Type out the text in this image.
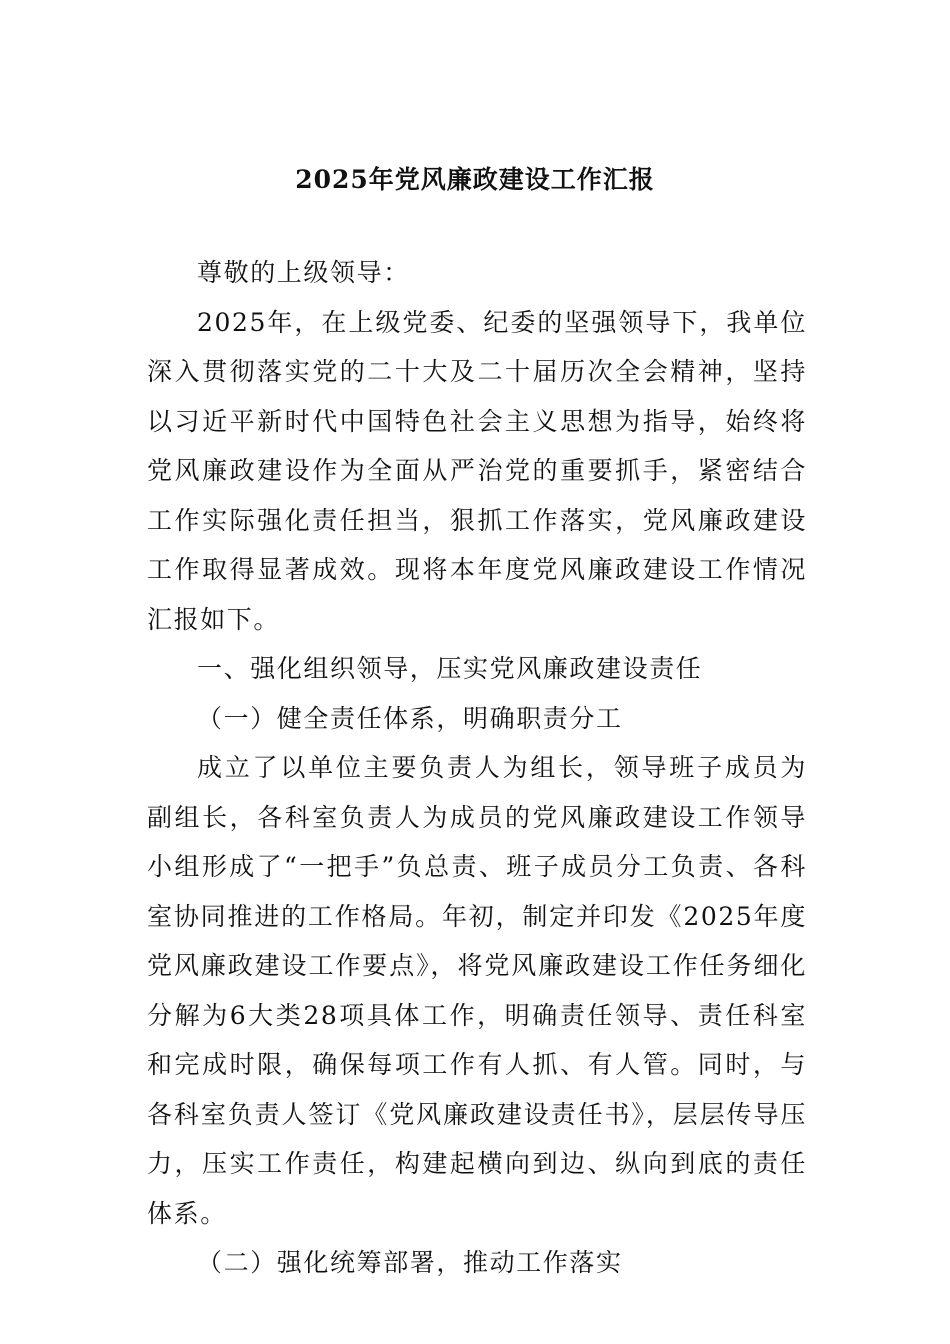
2025年党风廉政建设工作汇报

尊敬的上级领导：

2025年，在上级党委、纪委的坚强领导下，我单位深入贯彻落实党的二十大及二十届历次全会精神，坚持以习近平新时代中国特色社会主义思想为指导，始终将党风廉政建设作为全面从严治党的重要抓手，紧密结合工作实际强化责任担当，狠抓工作落实，党风廉政建设工作取得显著成效。现将本年度党风廉政建设工作情况汇报如下。

一、强化组织领导，压实党风廉政建设责任

（一）健全责任体系，明确职责分工

成立了以单位主要负责人为组长，领导班子成员为副组长，各科室负责人为成员的党风廉政建设工作领导小组形成了“一把手”负总责、班子成员分工负责、各科室协同推进的工作格局。年初，制定并印发《2025年度党风廉政建设工作要点》，将党风廉政建设工作任务细化分解为6大类28项具体工作，明确责任领导、责任科室和完成时限，确保每项工作有人抓、有人管。同时，与各科室负责人签订《党风廉政建设责任书》，层层传导压力，压实工作责任，构建起横向到边、纵向到底的责任体系。

（二）强化统筹部署，推动工作落实
